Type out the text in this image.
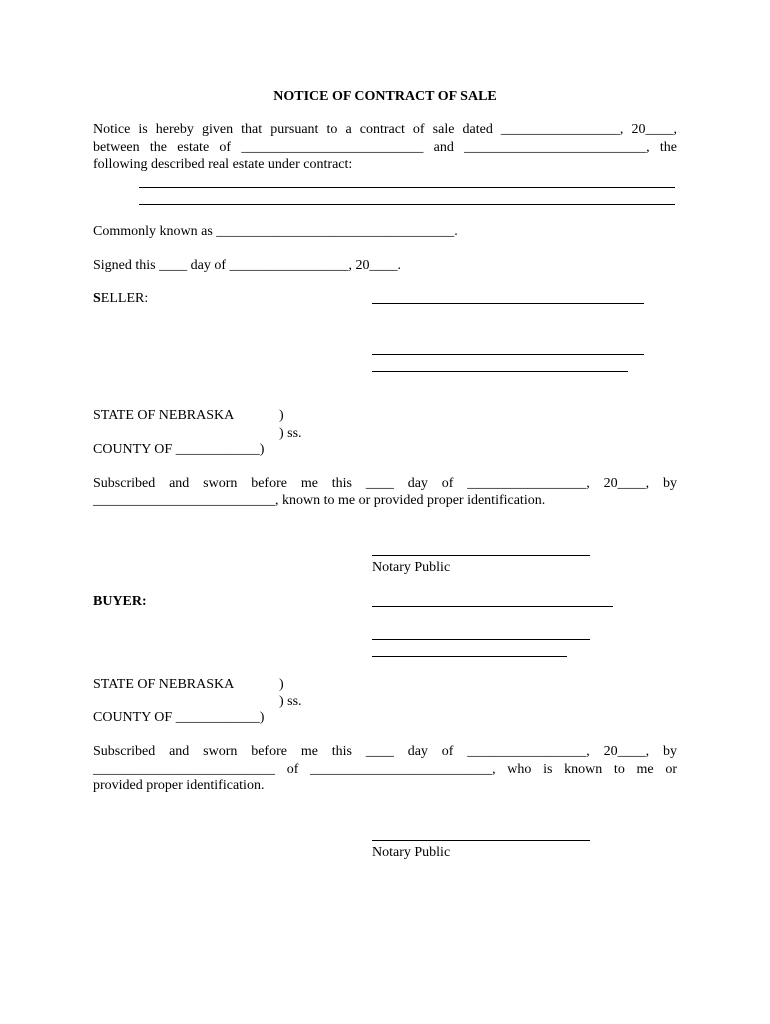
NOTICE OF CONTRACT OF SALE
Notice is hereby given that pursuant to a contract of sale dated _________________, 20____,
between the estate of __________________________ and __________________________, the
following described real estate under contract:
Commonly known as __________________________________.
Signed this ____ day of _________________, 20____.
SELLER:
STATE OF NEBRASKA	)
) ss.
COUNTY OF ____________)
Subscribed and sworn before me this ____ day of _________________, 20____, by
__________________________, known to me or provided proper identification.
Notary Public
BUYER:
STATE OF NEBRASKA	)
) ss.
COUNTY OF ____________)
Subscribed and sworn before me this ____ day of _________________, 20____, by
__________________________ of __________________________, who is known to me or
provided proper identification.
Notary Public
